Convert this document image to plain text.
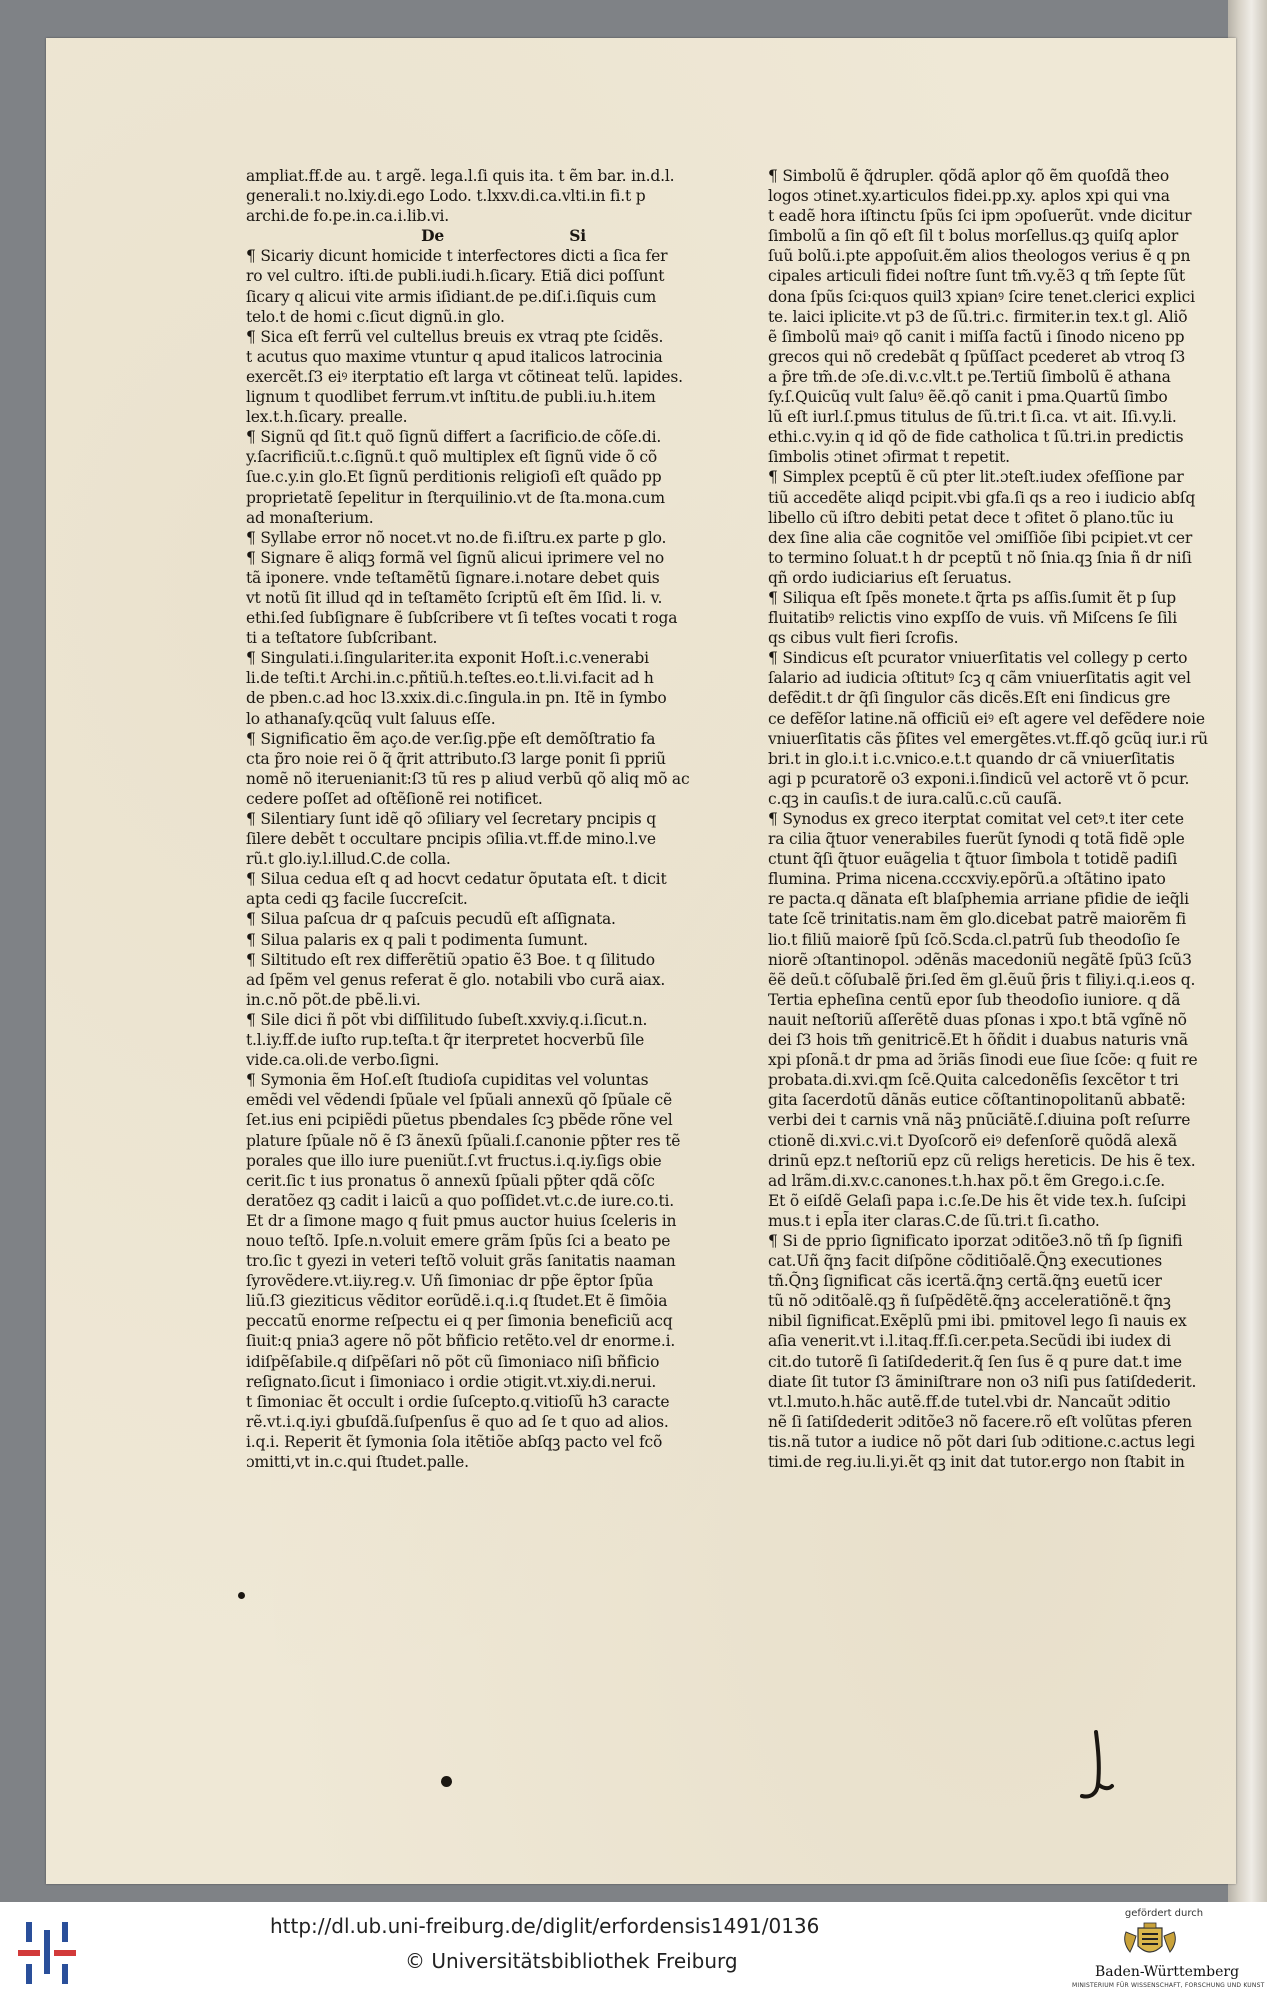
ampliat.ff.de au. t argẽ. lega.l.ſi quis ita. t ẽm bar. in.d.l.

generali.t no.lxiy.di.ego Lodo. t.lxxv.di.ca.vlti.in fi.t p

archi.de fo.pe.in.ca.i.lib.vi.

De Si

¶ Sicariy dicunt homicide t interfectores dicti a ſica fer

ro vel cultro. iſti.de publi.iudi.h.ſicary. Etiã dici poſſunt

ſicary q alicui vite armis iſidiant.de pe.diſ.i.ſiquis cum

telo.t de homi c.ſicut dignũ.in glo.

¶ Sica eſt ferrũ vel cultellus breuis ex vtraq pte ſcidẽs.

t acutus quo maxime vtuntur q apud italicos latrocinia

exercẽt.ſ3 eiꝰ iterptatio eſt larga vt cõtineat telũ. lapides.

lignum t quodlibet ferrum.vt inſtitu.de publi.iu.h.item

lex.t.h.ſicary. prealle.

¶ Signũ qd ſit.t quõ ſignũ differt a ſacrificio.de cõſe.di.

y.ſacrificiũ.t.c.ſignũ.t quõ multiplex eſt ſignũ vide õ cõ

ſue.c.y.in glo.Et ſignũ perditionis religioſi eſt quãdo pp

proprietatẽ ſepelitur in ſterquilinio.vt de ſta.mona.cum

ad monaſterium.

¶ Syllabe error nõ nocet.vt no.de fi.iſtru.ex parte p glo.

¶ Signare ẽ aliqꝫ formã vel ſignũ alicui iprimere vel no

tã iponere. vnde teſtamẽtũ ſignare.i.notare debet quis

vt notũ ſit illud qd in teſtamẽto ſcriptũ eſt ẽm Iſid. li. v.

ethi.ſed ſubſignare ẽ ſubſcribere vt ſi teſtes vocati t roga

ti a teſtatore ſubſcribant.

¶ Singulati.i.ſingulariter.ita exponit Hoſt.i.c.venerabi

li.de teſti.t Archi.in.c.pñtiũ.h.teſtes.eo.t.li.vi.facit ad h

de pben.c.ad hoc l3.xxix.di.c.ſingula.in pn. Itẽ in ſymbo

lo athanaſy.qcũq vult ſaluus eſſe.

¶ Significatio ẽm aço.de ver.ſig.pp̃e eſt demõſtratio fa

cta p̃ro noie rei õ q̃ q̃rit attributo.ſ3 large ponit ſi ppriũ

nomẽ nõ iteruenianit:ſ3 tũ res p aliud verbũ qõ aliq mõ ac

cedere poſſet ad oſtẽſionẽ rei notificet.

¶ Silentiary ſunt idẽ qõ ɔſiliary vel ſecretary pncipis q

ſilere debẽt t occultare pncipis ɔſilia.vt.ff.de mino.l.ve

rũ.t glo.iy.l.illud.C.de colla.

¶ Silua cedua eſt q ad hocvt cedatur õputata eſt. t dicit

apta cedi qꝫ facile ſuccreſcit.

¶ Silua paſcua dr q paſcuis pecudũ eſt aſſignata.

¶ Silua palaris ex q pali t podimenta ſumunt.

¶ Siltitudo eſt rex differẽtiũ ɔpatio ẽ3 Boe. t q ſilitudo

ad ſpẽm vel genus referat ẽ glo. notabili vbo curã aiax.

in.c.nõ põt.de pbẽ.li.vi.

¶ Sile dici ñ põt vbi diſſilitudo ſubeſt.xxviy.q.i.ſicut.n.

t.l.iy.ff.de iuſto rup.teſta.t q̃r iterpretet hocverbũ ſile

vide.ca.oli.de verbo.ſigni.

¶ Symonia ẽm Hoſ.eſt ſtudioſa cupiditas vel voluntas

emẽdi vel vẽdendi ſpũale vel ſpũali annexũ qõ ſpũale cẽ

ſet.ius eni pcipiẽdi pũetus pbendales ſcꝫ pbẽde rõne vel

plature ſpũale nõ ẽ ſ3 ãnexũ ſpũali.ſ.canonie pp̃ter res tẽ

porales que illo iure pueniũt.ſ.vt fructus.i.q.iy.ſigs obie

cerit.ſic t ius pronatus õ annexũ ſpũali pp̃ter qdã cõſc

deratõez qꝫ cadit i laicũ a quo poſſidet.vt.c.de iure.co.ti.

Et dr a ſimone mago q fuit pmus auctor huius ſceleris in

nouo teſtõ. Ipſe.n.voluit emere grãm ſpũs ſci a beato pe

tro.ſic t gyezi in veteri teſtõ voluit grãs ſanitatis naaman

ſyrovẽdere.vt.iiy.reg.v. Uñ ſimoniac dr pp̃e ẽptor ſpũa

liũ.ſ3 gieziticus vẽditor eorũdẽ.i.q.i.q ſtudet.Et ẽ ſimõia

peccatũ enorme reſpectu ei q per ſimonia beneficiũ acq

ſiuit:q pnia3 agere nõ põt bñficio retẽto.vel dr enorme.i.

idiſpẽſabile.q diſpẽſari nõ põt cũ ſimoniaco niſi bñficio

reſignato.ſicut i ſimoniaco i ordie ɔtigit.vt.xiy.di.nerui.

t ſimoniac ẽt occult i ordie ſuſcepto.q.vitioſũ h3 caracte

rẽ.vt.i.q.iy.i gbuſdã.ſuſpenſus ẽ quo ad ſe t quo ad alios.

i.q.i. Reperit ẽt ſymonia ſola itẽtiõe abſqꝫ pacto vel fcõ

ɔmitti,vt in.c.qui ſtudet.palle.

¶ Simbolũ ẽ q̃drupler. qõdã aplor qõ ẽm quoſdã theo

logos ɔtinet.xy.articulos fidei.pp.xy. aplos xpi qui vna

t eadẽ hora iſtinctu ſpũs ſci ipm ɔpoſuerũt. vnde dicitur

ſimbolũ a ſin qõ eſt ſil t bolus morſellus.qꝫ quiſq aplor

ſuũ bolũ.i.pte appoſuit.ẽm alios theologos verius ẽ q pn

cipales articuli fidei noſtre ſunt tm̃.vy.ẽ3 q tm̃ ſepte ſũt

dona ſpũs ſci:quos quil3 xpianꝰ ſcire tenet.clerici explici

te. laici iplicite.vt p3 de ſũ.tri.c. firmiter.in tex.t gl. Aliõ

ẽ ſimbolũ maiꝰ qõ canit i miſſa factũ i ſinodo niceno pp

grecos qui nõ credebãt q ſpũſſact pcederet ab vtroq ſ3

a p̃re tm̃.de ɔſe.di.v.c.vlt.t pe.Tertiũ ſimbolũ ẽ athana

ſy.ſ.Quicũq vult ſaluꝰ ẽẽ.qõ canit i pma.Quartũ ſimbo

lũ eſt iurl.ſ.pmus titulus de ſũ.tri.t ſi.ca. vt ait. Iſi.vy.li.

ethi.c.vy.in q id qõ de fide catholica t ſũ.tri.in predictis

ſimbolis ɔtinet ɔfirmat t repetit.

¶ Simplex pceptũ ẽ cũ pter lit.ɔteſt.iudex ɔfeſſione par

tiũ accedẽte aliqd pcipit.vbi gfa.ſi qs a reo i iudicio abſq

libello cũ iſtro debiti petat dece t ɔfitet õ plano.tũc iu

dex ſine alia cãe cognitõe vel ɔmiſſiõe ſibi pcipiet.vt cer

to termino ſoluat.t h dr pceptũ t nõ ſnia.qꝫ ſnia ñ dr niſi

qñ ordo iudiciarius eſt ſeruatus.

¶ Siliqua eſt ſpẽs monete.t q̃rta ps aſſis.ſumit ẽt p ſup

fluitatibꝰ relictis vino expſſo de vuis. vñ Miſcens ſe ſili

qs cibus vult fieri ſcrofis.

¶ Sindicus eſt pcurator vniuerſitatis vel collegy p certo

ſalario ad iudicia ɔſtitutꝰ ſcꝫ q cãm vniuerſitatis agit vel

defẽdit.t dr q̃ſi ſingulor cãs dicẽs.Eſt eni ſindicus gre

ce defẽſor latine.nã officiũ eiꝰ eſt agere vel defẽdere noie

vniuerſitatis cãs p̃ſites vel emergẽtes.vt.ff.qõ gcũq iur.i rũ

bri.t in glo.i.t i.c.vnico.e.t.t quando dr cã vniuerſitatis

agi p pcuratorẽ o3 exponi.i.ſindicũ vel actorẽ vt õ pcur.

c.qꝫ in cauſis.t de iura.calũ.c.cũ cauſã.

¶ Synodus ex greco iterptat comitat vel cetꝰ.t iter cete

ra cilia q̃tuor venerabiles fuerũt ſynodi q totã fidẽ ɔple

ctunt q̃ſi q̃tuor euãgelia t q̃tuor ſimbola t totidẽ padiſi

flumina. Prima nicena.cccxviy.epõrũ.a ɔſtãtino ipato

re pacta.q dãnata eſt blaſphemia arriane pfidie de ieq̃li

tate ſcẽ trinitatis.nam ẽm glo.dicebat patrẽ maiorẽm fi

lio.t filiũ maiorẽ ſpũ ſcõ.Scda.cl.patrũ ſub theodoſio ſe

niorẽ ɔſtantinopol. ɔdẽnãs macedoniũ negãtẽ ſpũ3 ſcũ3

ẽẽ deũ.t cõſubalẽ p̃ri.ſed ẽm gl.ẽuũ p̃ris t filiy.i.q.i.eos q.

Tertia epheſina centũ epor ſub theodoſio iuniore. q dã

nauit neſtoriũ aſſerẽtẽ duas pſonas i xpo.t btã vgĩnẽ nõ

dei ſ3 hois tm̃ genitricẽ.Et h õñdit i duabus naturis vnã

xpi pſonã.t dr pma ad ɔ̃riãs ſinodi eue ſiue ſcõe: q fuit re

probata.di.xvi.qm ſcẽ.Quita calcedonẽſis ſexcẽtor t tri

gita ſacerdotũ dãnãs eutice cõſtantinopolitanũ abbatẽ:

verbi dei t carnis vnã nãꝫ pnũciãtẽ.ſ.diuina poſt reſurre

ctionẽ di.xvi.c.vi.t Dyoſcorõ eiꝰ defenſorẽ quõdã alexã

drinũ epz.t neſtoriũ epz cũ religs hereticis. De his ẽ tex.

ad lrãm.di.xv.c.canones.t.h.hax põ.t ẽm Grego.i.c.ſe.

Et õ eiſdẽ Gelaſi papa i.c.ſe.De his ẽt vide tex.h. ſuſcipi

mus.t i epl̃a iter claras.C.de ſũ.tri.t ſi.catho.

¶ Si de pprio ſignificato iporzat ɔditõe3.nõ tñ ſp ſignifi

cat.Uñ q̃nꝫ facit diſpõne cõditiõalẽ.Q̃nꝫ executiones

tñ.Q̃nꝫ ſignificat cãs icertã.q̃nꝫ certã.q̃nꝫ euetũ icer

tũ nõ ɔditõalẽ.qꝫ ñ ſuſpẽdẽtẽ.q̃nꝫ acceleratiõnẽ.t q̃nꝫ

nibil ſignificat.Exẽplũ pmi ibi. pmitovel lego ſi nauis ex

aſia venerit.vt i.l.itaq.ff.ſi.cer.peta.Secũdi ibi iudex di

cit.do tutorẽ ſi ſatiſdederit.q̃ ſen ſus ẽ q pure dat.t ime

diate ſit tutor ſ3 ãminiſtrare non o3 niſi pus ſatiſdederit.

vt.l.muto.h.hãc autẽ.ff.de tutel.vbi dr. Nancaũt ɔditio

nẽ ſi ſatiſdederit ɔditõe3 nõ facere.rõ eſt volũtas pferen

tis.nã tutor a iudice nõ põt dari ſub ɔditione.c.actus legi

timi.de reg.iu.li.yi.ẽt qꝫ init dat tutor.ergo non ſtabit in

http://dl.ub.uni-freiburg.de/diglit/erfordensis1491/0136
© Universitätsbibliothek Freiburg
gefördert durch
Baden-Württemberg
MINISTERIUM FÜR WISSENSCHAFT, FORSCHUNG UND KUNST
